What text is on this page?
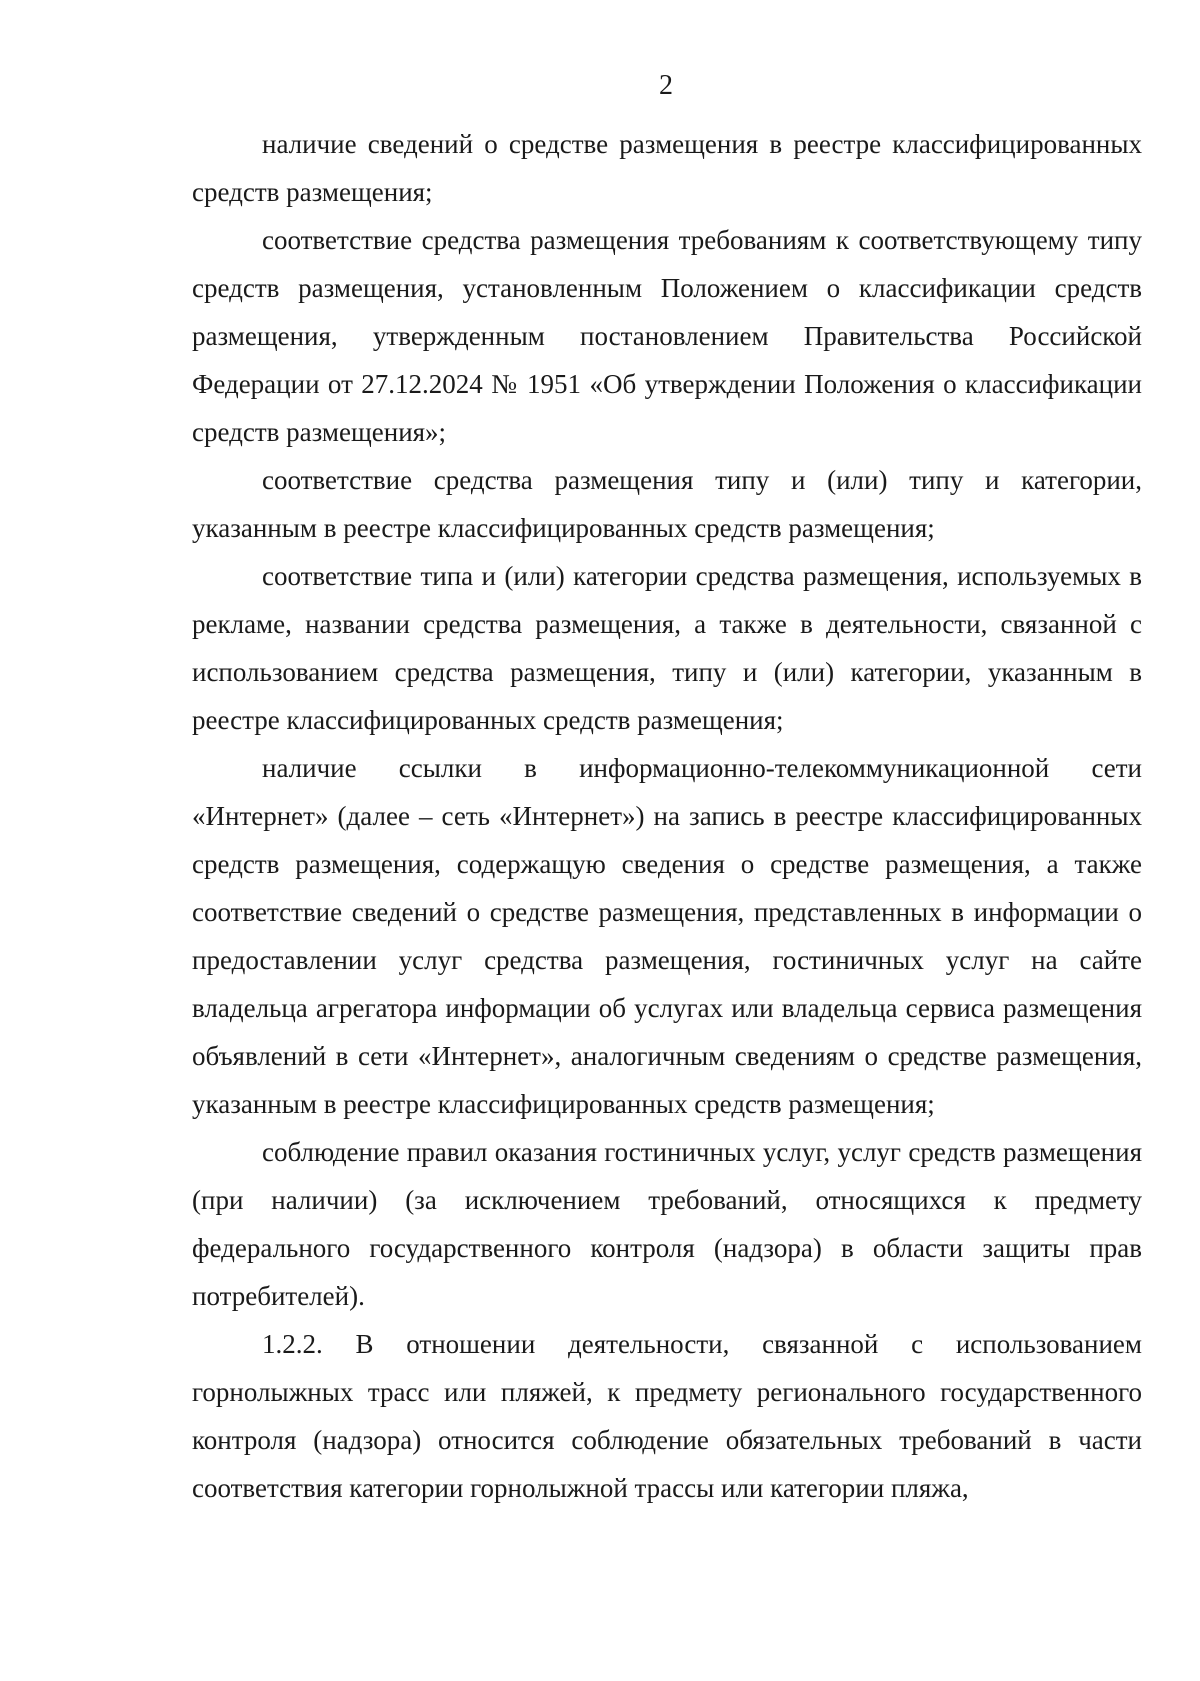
2

наличие сведений о средстве размещения в реестре классифицированных средств размещения;

соответствие средства размещения требованиям к соответствующему типу средств размещения, установленным Положением о классификации средств размещения, утвержденным постановлением Правительства Российской Федерации от 27.12.2024 № 1951 «Об утверждении Положения о классификации средств размещения»;

соответствие средства размещения типу и (или) типу и категории, указанным в реестре классифицированных средств размещения;

соответствие типа и (или) категории средства размещения, используемых в рекламе, названии средства размещения, а также в деятельности, связанной с использованием средства размещения, типу и (или) категории, указанным в реестре классифицированных средств размещения;

наличие ссылки в информационно-телекоммуникационной сети «Интернет» (далее – сеть «Интернет») на запись в реестре классифицированных средств размещения, содержащую сведения о средстве размещения, а также соответствие сведений о средстве размещения, представленных в информации о предоставлении услуг средства размещения, гостиничных услуг на сайте владельца агрегатора информации об услугах или владельца сервиса размещения объявлений в сети «Интернет», аналогичным сведениям о средстве размещения, указанным в реестре классифицированных средств размещения;

соблюдение правил оказания гостиничных услуг, услуг средств размещения (при наличии) (за исключением требований, относящихся к предмету федерального государственного контроля (надзора) в области защиты прав потребителей).

1.2.2. В отношении деятельности, связанной с использованием горнолыжных трасс или пляжей, к предмету регионального государственного контроля (надзора) относится соблюдение обязательных требований в части соответствия категории горнолыжной трассы или категории пляжа,
